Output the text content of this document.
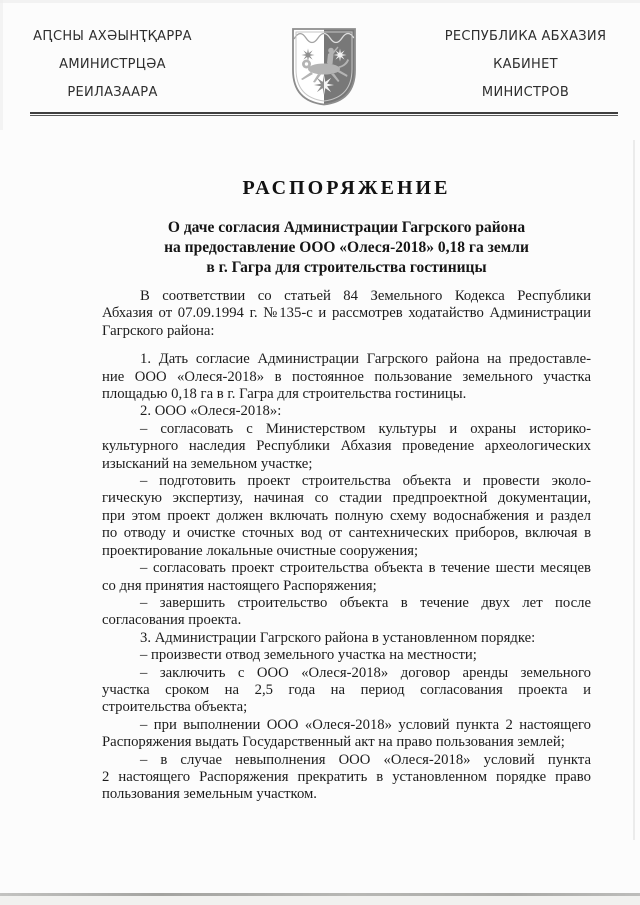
АԤСНЫ АХӘЫНҬҚАРРА
АМИНИСТРЦӘА
РЕИЛАЗААРА
РЕСПУБЛИКА АБХАЗИЯ
КАБИНЕТ
МИНИСТРОВ
РАСПОРЯЖЕНИЕ
О даче согласия Администрации Гагрского района
на предоставление ООО «Олеся-2018» 0,18 га земли
в г. Гагра для строительства гостиницы
В соответствии со статьей 84 Земельного Кодекса Республики
Абхазия от 07.09.1994 г. №135-с и рассмотрев ходатайство Администрации
Гагрского района:
1. Дать согласие Администрации Гагрского района на предоставле-
ние ООО «Олеся-2018» в постоянное пользование земельного участка
площадью 0,18 га в г. Гагра для строительства гостиницы.
2. ООО «Олеся-2018»:
– согласовать с Министерством культуры и охраны историко-
культурного наследия Республики Абхазия проведение археологических
изысканий на земельном участке;
– подготовить проект строительства объекта и провести эколо-
гическую экспертизу, начиная со стадии предпроектной документации,
при этом проект должен включать полную схему водоснабжения и раздел
по отводу и очистке сточных вод от сантехнических приборов, включая в
проектирование локальные очистные сооружения;
– согласовать проект строительства объекта в течение шести месяцев
со дня принятия настоящего Распоряжения;
– завершить строительство объекта в течение двух лет после
согласования проекта.
3. Администрации Гагрского района в установленном порядке:
– произвести отвод земельного участка на местности;
– заключить с ООО «Олеся-2018» договор аренды земельного
участка сроком на 2,5 года на период согласования проекта и
строительства объекта;
– при выполнении ООО «Олеся-2018» условий пункта 2 настоящего
Распоряжения выдать Государственный акт на право пользования землей;
– в случае невыполнения ООО «Олеся-2018» условий пункта
2 настоящего Распоряжения прекратить в установленном порядке право
пользования земельным участком.
